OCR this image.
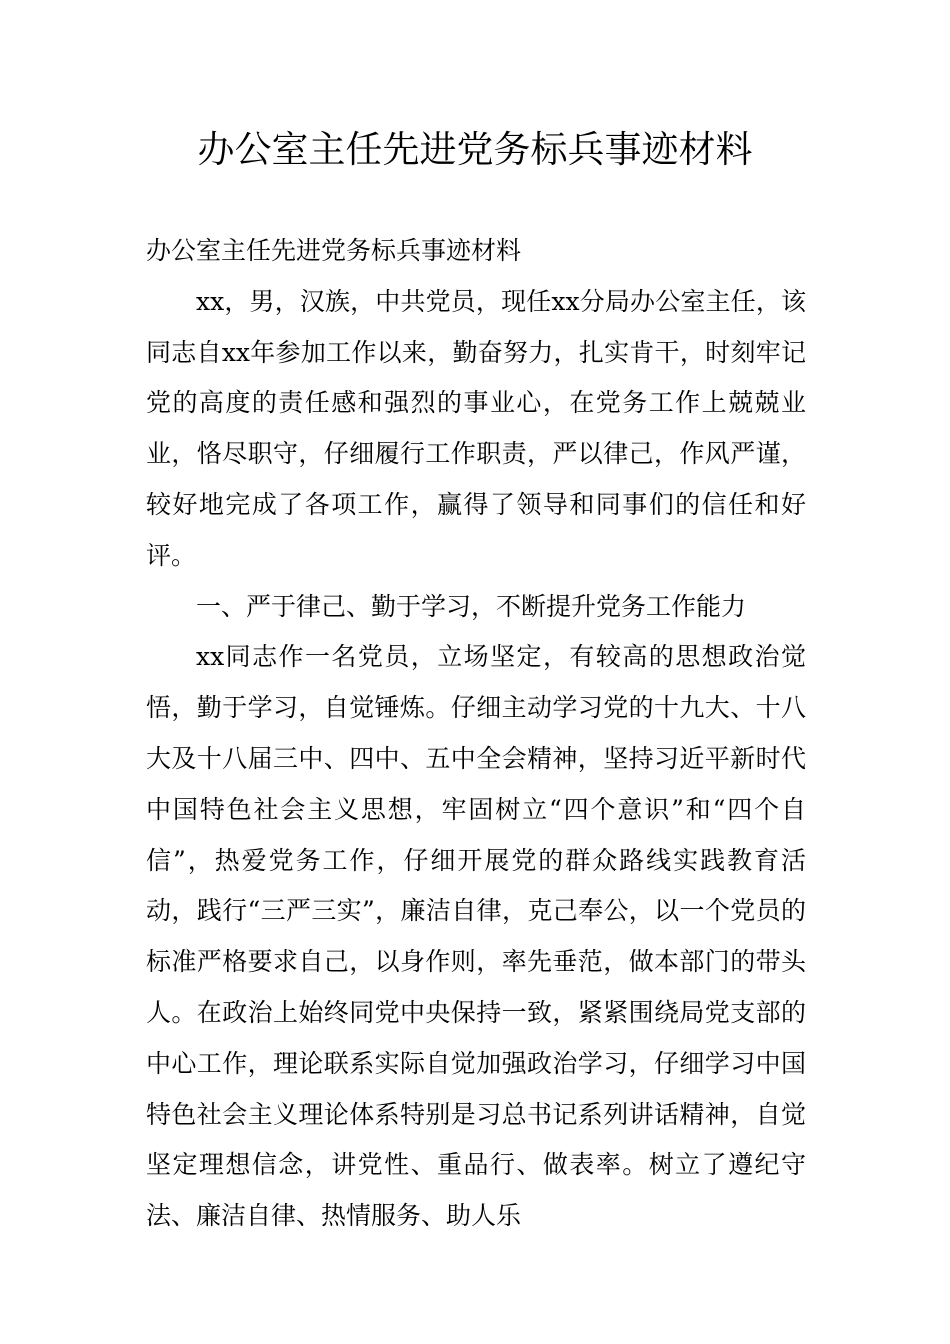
办公室主任先进党务标兵事迹材料

办公室主任先进党务标兵事迹材料

xx，男，汉族，中共党员，现任xx分局办公室主任，该同志自xx年参加工作以来，勤奋努力，扎实肯干，时刻牢记党的高度的责任感和强烈的事业心，在党务工作上兢兢业业，恪尽职守，仔细履行工作职责，严以律己，作风严谨，较好地完成了各项工作，赢得了领导和同事们的信任和好评。

一、严于律己、勤于学习，不断提升党务工作能力

xx同志作一名党员，立场坚定，有较高的思想政治觉悟，勤于学习，自觉锤炼。仔细主动学习党的十九大、十八大及十八届三中、四中、五中全会精神，坚持习近平新时代中国特色社会主义思想，牢固树立“四个意识”和“四个自信”，热爱党务工作，仔细开展党的群众路线实践教育活动，践行“三严三实”，廉洁自律，克己奉公，以一个党员的标准严格要求自己，以身作则，率先垂范，做本部门的带头人。在政治上始终同党中央保持一致，紧紧围绕局党支部的中心工作，理论联系实际自觉加强政治学习，仔细学习中国特色社会主义理论体系特别是习总书记系列讲话精神，自觉坚定理想信念，讲党性、重品行、做表率。树立了遵纪守法、廉洁自律、热情服务、助人乐
